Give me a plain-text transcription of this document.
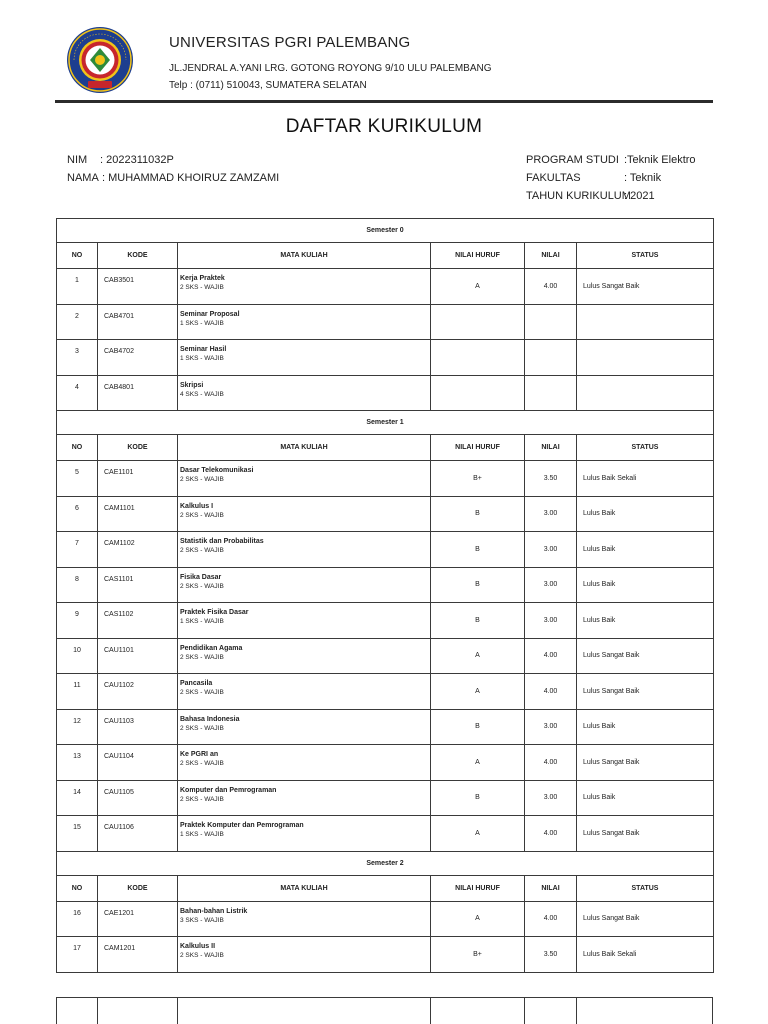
UNIVERSITAS PGRI PALEMBANG
JL.JENDRAL A.YANI LRG. GOTONG ROYONG 9/10 ULU PALEMBANG
Telp : (0711) 510043, SUMATERA SELATAN
DAFTAR KURIKULUM
NIM : 2022311032P
NAMA : MUHAMMAD KHOIRUZ ZAMZAMI
PROGRAM STUDI :Teknik Elektro
FAKULTAS	: Teknik
TAHUN KURIKULUM
: 2021
Semester 0					
NO	KODE	MATA KULIAH	NILAI HURUF	NILAI	STATUS
1	CAB3501	Kerja Praktek
2 SKS - WAJIB	A	4.00	Lulus Sangat Baik
2	CAB4701	Seminar Proposal
1 SKS - WAJIB			

3	CAB4702	Seminar Hasil
1 SKS - WAJIB			

4	CAB4801	Skripsi
4 SKS - WAJIB			

Semester 1					
NO	KODE	MATA KULIAH	NILAI HURUF	NILAI	STATUS
5	CAE1101	Dasar Telekomunikasi
2 SKS - WAJIB	B+	3.50	Lulus Baik Sekali
6	CAM1101	Kalkulus I
2 SKS - WAJIB	B	3.00	Lulus Baik
7	CAM1102	Statistik dan Probabilitas
2 SKS - WAJIB	B	3.00	Lulus Baik
8	CAS1101	Fisika Dasar
2 SKS - WAJIB	B	3.00	Lulus Baik
9	CAS1102	Praktek Fisika Dasar
1 SKS - WAJIB	B	3.00	Lulus Baik
10	CAU1101	Pendidikan Agama
2 SKS - WAJIB	A	4.00	Lulus Sangat Baik
11	CAU1102	Pancasila
2 SKS - WAJIB	A	4.00	Lulus Sangat Baik
12	CAU1103	Bahasa Indonesia
2 SKS - WAJIB	B	3.00	Lulus Baik
13	CAU1104	Ke PGRI an
2 SKS - WAJIB	A	4.00	Lulus Sangat Baik
14	CAU1105	Komputer dan Pemrograman
2 SKS - WAJIB	B	3.00	Lulus Baik
15	CAU1106	Praktek Komputer dan Pemrograman
1 SKS - WAJIB	A	4.00	Lulus Sangat Baik
Semester 2					
NO	KODE	MATA KULIAH	NILAI HURUF	NILAI	STATUS
16	CAE1201	Bahan-bahan Listrik
3 SKS - WAJIB	A	4.00	Lulus Sangat Baik
17	CAM1201	Kalkulus II
2 SKS - WAJIB	B+	3.50	Lulus Baik Sekali
